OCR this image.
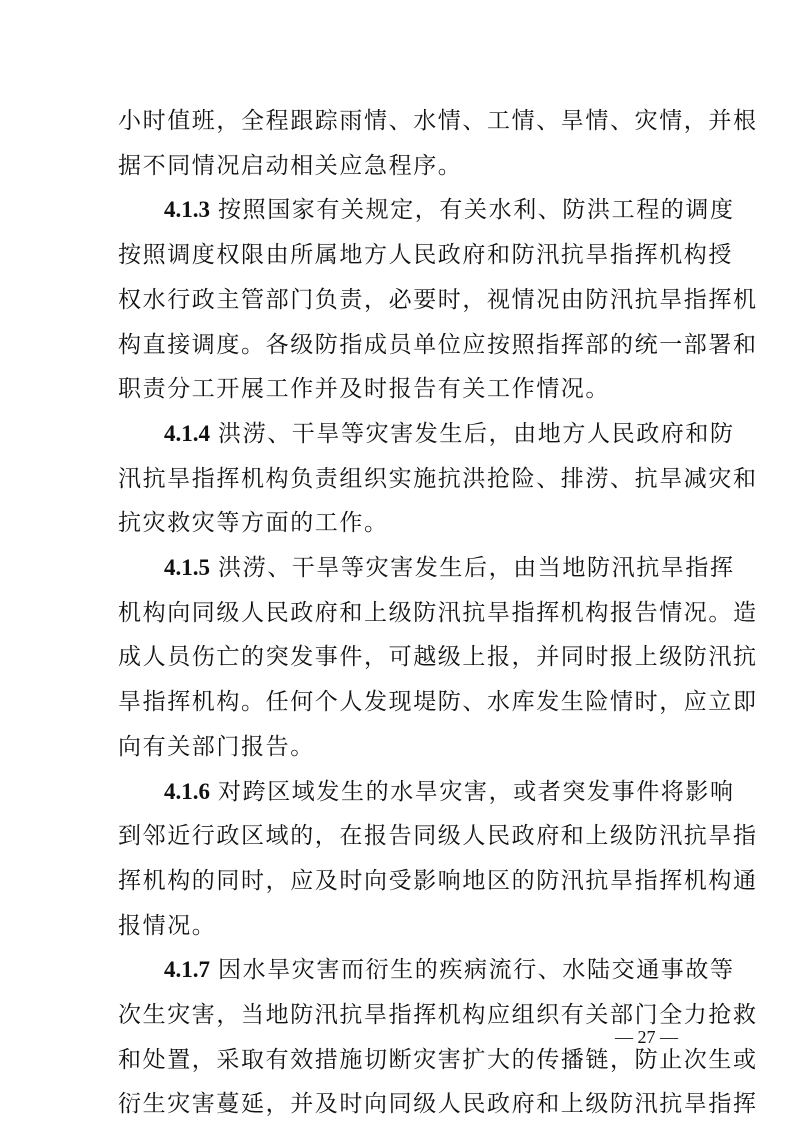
小时值班，全程跟踪雨情、水情、工情、旱情、灾情，并根
据不同情况启动相关应急程序。
4.1.3 按照国家有关规定，有关水利、防洪工程的调度
按照调度权限由所属地方人民政府和防汛抗旱指挥机构授
权水行政主管部门负责，必要时，视情况由防汛抗旱指挥机
构直接调度。各级防指成员单位应按照指挥部的统一部署和
职责分工开展工作并及时报告有关工作情况。
4.1.4 洪涝、干旱等灾害发生后，由地方人民政府和防
汛抗旱指挥机构负责组织实施抗洪抢险、排涝、抗旱减灾和
抗灾救灾等方面的工作。
4.1.5 洪涝、干旱等灾害发生后，由当地防汛抗旱指挥
机构向同级人民政府和上级防汛抗旱指挥机构报告情况。造
成人员伤亡的突发事件，可越级上报，并同时报上级防汛抗
旱指挥机构。任何个人发现堤防、水库发生险情时，应立即
向有关部门报告。
4.1.6 对跨区域发生的水旱灾害，或者突发事件将影响
到邻近行政区域的，在报告同级人民政府和上级防汛抗旱指
挥机构的同时，应及时向受影响地区的防汛抗旱指挥机构通
报情况。
4.1.7 因水旱灾害而衍生的疾病流行、水陆交通事故等
次生灾害，当地防汛抗旱指挥机构应组织有关部门全力抢救
和处置，采取有效措施切断灾害扩大的传播链，防止次生或
衍生灾害蔓延，并及时向同级人民政府和上级防汛抗旱指挥
— 27 —
